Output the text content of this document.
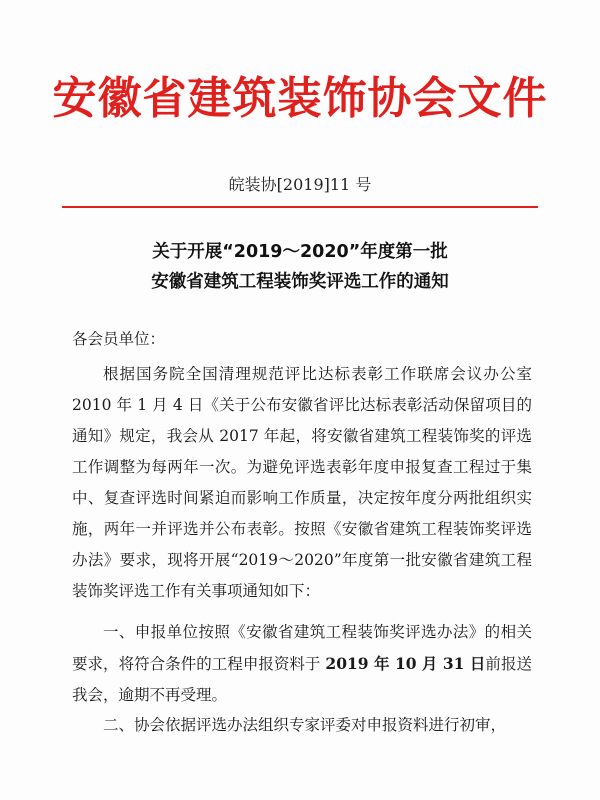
安徽省建筑装饰协会文件
皖装协[2019]11 号
关于开展“2019～2020”年度第一批
安徽省建筑工程装饰奖评选工作的通知
各会员单位：
根据国务院全国清理规范评比达标表彰工作联席会议办公室 2010 年 1 月 4 日《关于公布安徽省评比达标表彰活动保留项目的通知》规定，我会从 2017 年起，将安徽省建筑工程装饰奖的评选工作调整为每两年一次。为避免评选表彰年度申报复查工程过于集中、复查评选时间紧迫而影响工作质量，决定按年度分两批组织实施，两年一并评选并公布表彰。按照《安徽省建筑工程装饰奖评选办法》要求，现将开展“2019～2020”年度第一批安徽省建筑工程装饰奖评选工作有关事项通知如下：
一、申报单位按照《安徽省建筑工程装饰奖评选办法》的相关要求，将符合条件的工程申报资料于 2019 年 10 月 31 日前报送我会，逾期不再受理。
二、协会依据评选办法组织专家评委对申报资料进行初审，
